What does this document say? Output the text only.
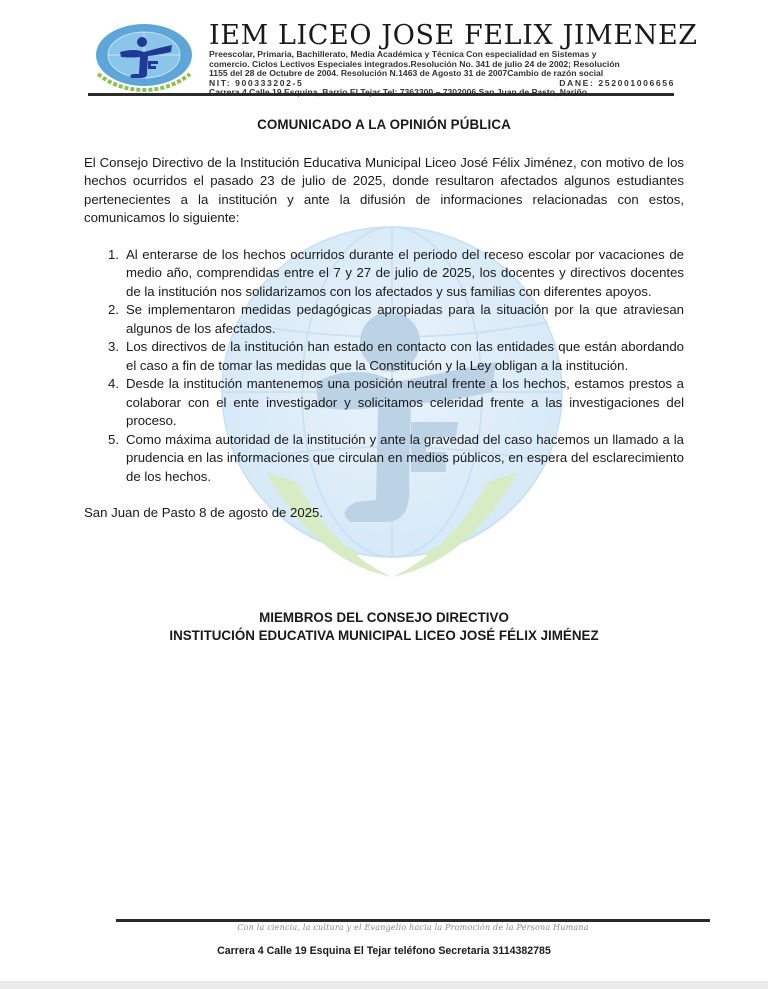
IEM LICEO JOSE FELIX JIMENEZ
Preescolar, Primaria, Bachillerato, Media Académica y Técnica Con especialidad en Sistemas y
comercio. Ciclos Lectivos Especiales integrados.Resolución No. 341 de julio 24 de 2002; Resolución
1155 del 28 de Octubre de 2004. Resolución N.1463 de Agosto 31 de 2007Cambio de razón social
NIT: 900333202-5	DANE: 252001006656
COMUNICADO A LA OPINIÓN PÚBLICA

El Consejo Directivo de la Institución Educativa Municipal Liceo José Félix Jiménez, con motivo de los hechos ocurridos el pasado 23 de julio de 2025, donde resultaron afectados algunos estudiantes pertenecientes a la institución y ante la difusión de informaciones relacionadas con estos, comunicamos lo siguiente:

1. Al enterarse de los hechos ocurridos durante el periodo del receso escolar por vacaciones de medio año, comprendidas entre el 7 y 27 de julio de 2025, los docentes y directivos docentes de la institución nos solidarizamos con los afectados y sus familias con diferentes apoyos.
2. Se implementaron medidas pedagógicas apropiadas para la situación por la que atraviesan algunos de los afectados.
3. Los directivos de la institución han estado en contacto con las entidades que están abordando el caso a fin de tomar las medidas que la Constitución y la Ley obligan a la institución.
4. Desde la institución mantenemos una posición neutral frente a los hechos, estamos prestos a colaborar con el ente investigador y solicitamos celeridad frente a las investigaciones del proceso.
5. Como máxima autoridad de la institución y ante la gravedad del caso hacemos un llamado a la prudencia en las informaciones que circulan en medios públicos, en espera del esclarecimiento de los hechos.
San Juan de Pasto 8 de agosto de 2025.
MIEMBROS DEL CONSEJO DIRECTIVO
INSTITUCIÓN EDUCATIVA MUNICIPAL LICEO JOSÉ FÉLIX JIMÉNEZ
Con la ciencia, la cultura y el Evangelio hacia la Promoción de la Persona Humana
Carrera 4 Calle 19 Esquina El Tejar teléfono Secretaria 3114382785
